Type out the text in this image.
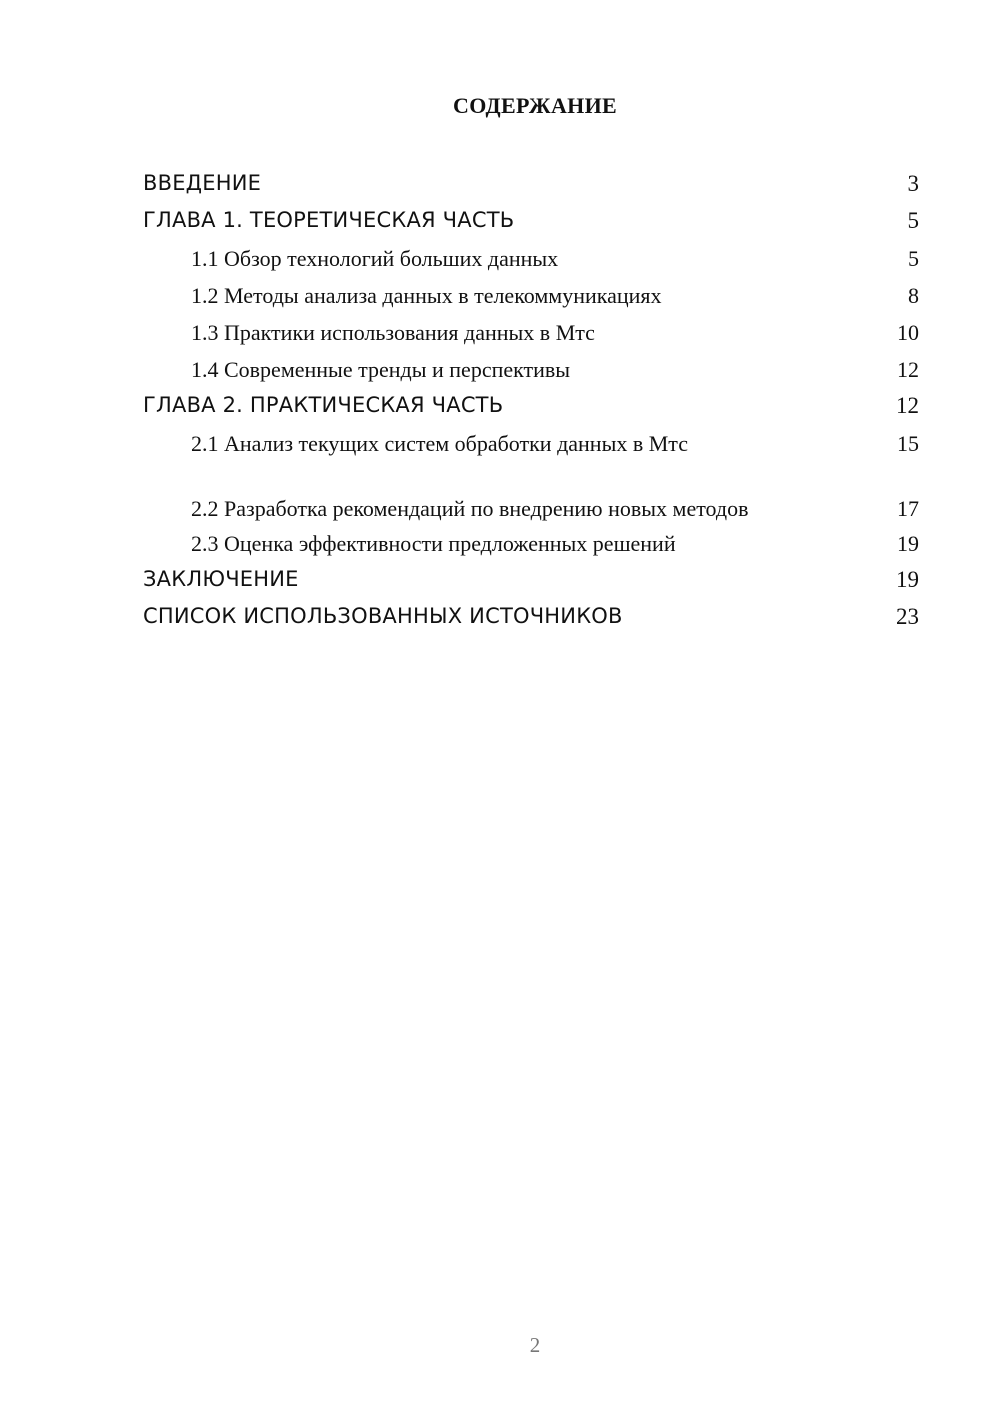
СОДЕРЖАНИЕ
ВВЕДЕНИЕ	3
ГЛАВА 1. ТЕОРЕТИЧЕСКАЯ ЧАСТЬ	5
1.1 Обзор технологий больших данных	5
1.2 Методы анализа данных в телекоммуникациях	8
1.3 Практики использования данных в Мтс	10
1.4 Современные тренды и перспективы	12
ГЛАВА 2. ПРАКТИЧЕСКАЯ ЧАСТЬ	12
2.1 Анализ текущих систем обработки данных в Мтс	15
2.2 Разработка рекомендаций по внедрению новых методов	17
2.3 Оценка эффективности предложенных решений	19
ЗАКЛЮЧЕНИЕ	19
СПИСОК ИСПОЛЬЗОВАННЫХ ИСТОЧНИКОВ	23
2
